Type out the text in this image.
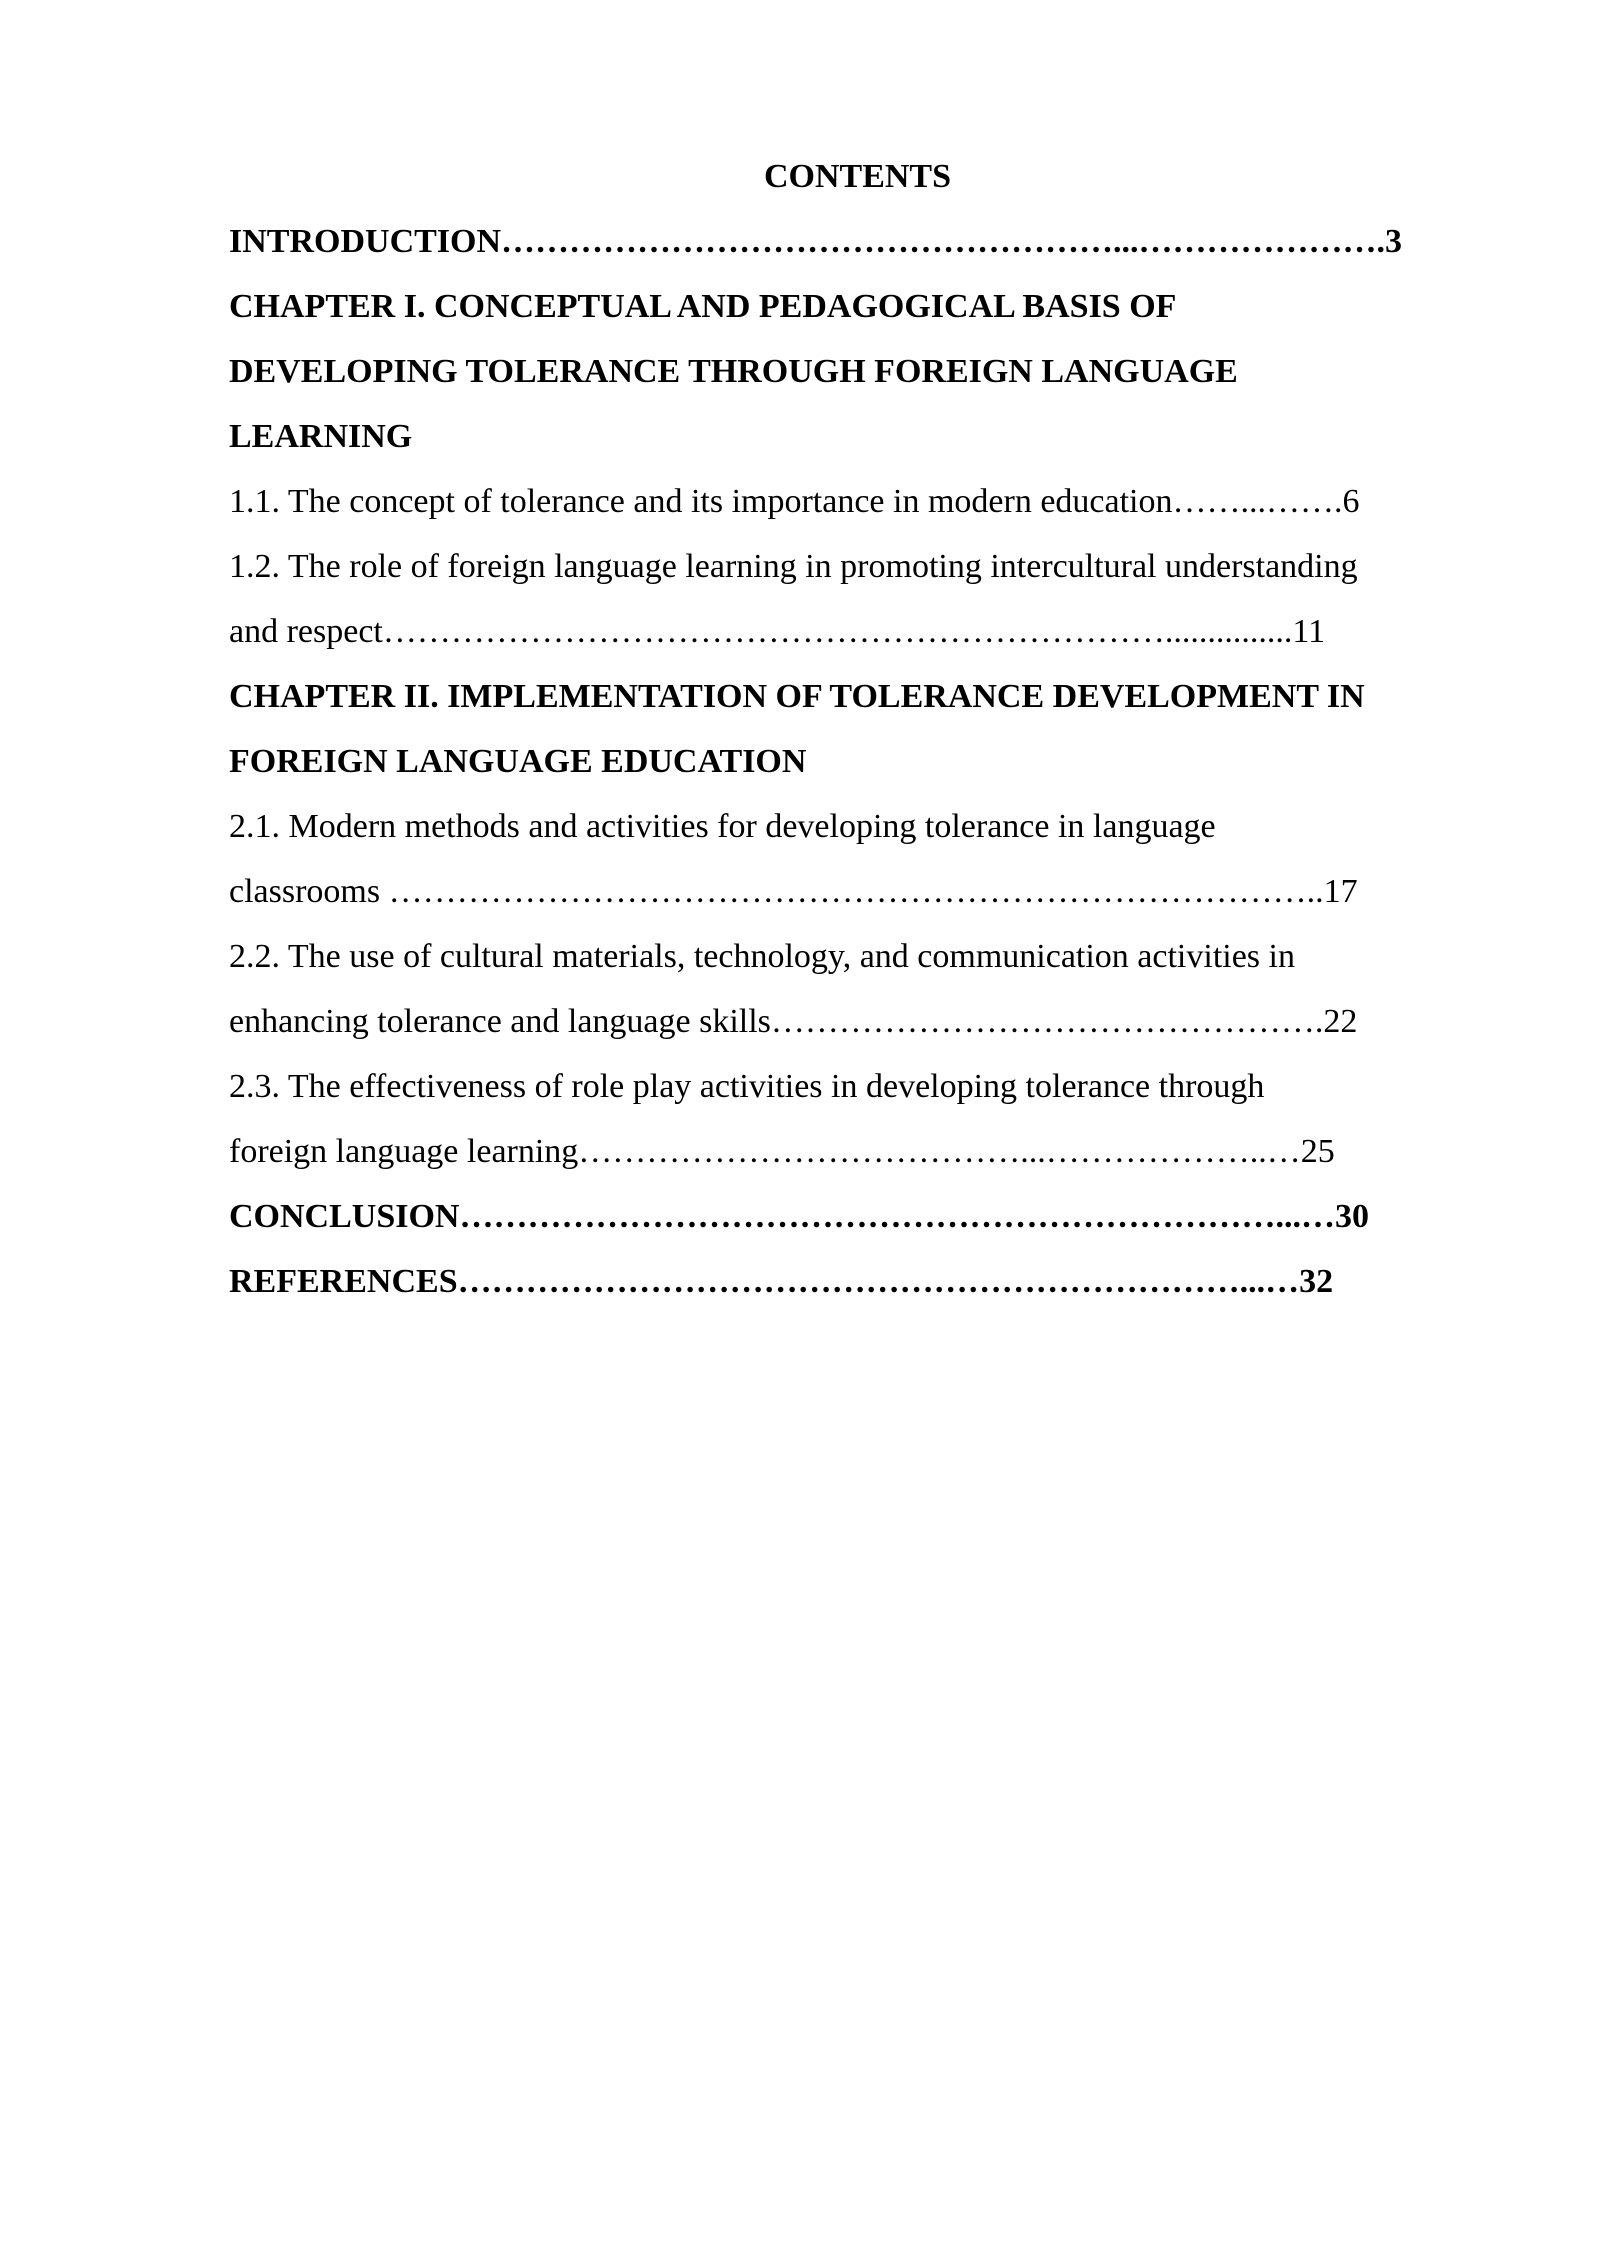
CONTENTS
INTRODUCTION………………………………………………...………………….3
CHAPTER I. CONCEPTUAL AND PEDAGOGICAL BASIS OF
DEVELOPING TOLERANCE THROUGH FOREIGN LANGUAGE
LEARNING
1.1. The concept of tolerance and its importance in modern education……...…….6
1.2. The role of foreign language learning in promoting intercultural understanding
and respect……………………………………………………………...............11
CHAPTER II. IMPLEMENTATION OF TOLERANCE DEVELOPMENT IN
FOREIGN LANGUAGE EDUCATION
2.1. Modern methods and activities for developing tolerance in language
classrooms ………………………………………………………………………..17
2.2. The use of cultural materials, technology, and communication activities in
enhancing tolerance and language skills………………………………………….22
2.3. The effectiveness of role play activities in developing tolerance through
foreign language learning…………………………………...………………..…25
CONCLUSION………………………………………………………………...…30
REFERENCES……………………………………………………………...…32
